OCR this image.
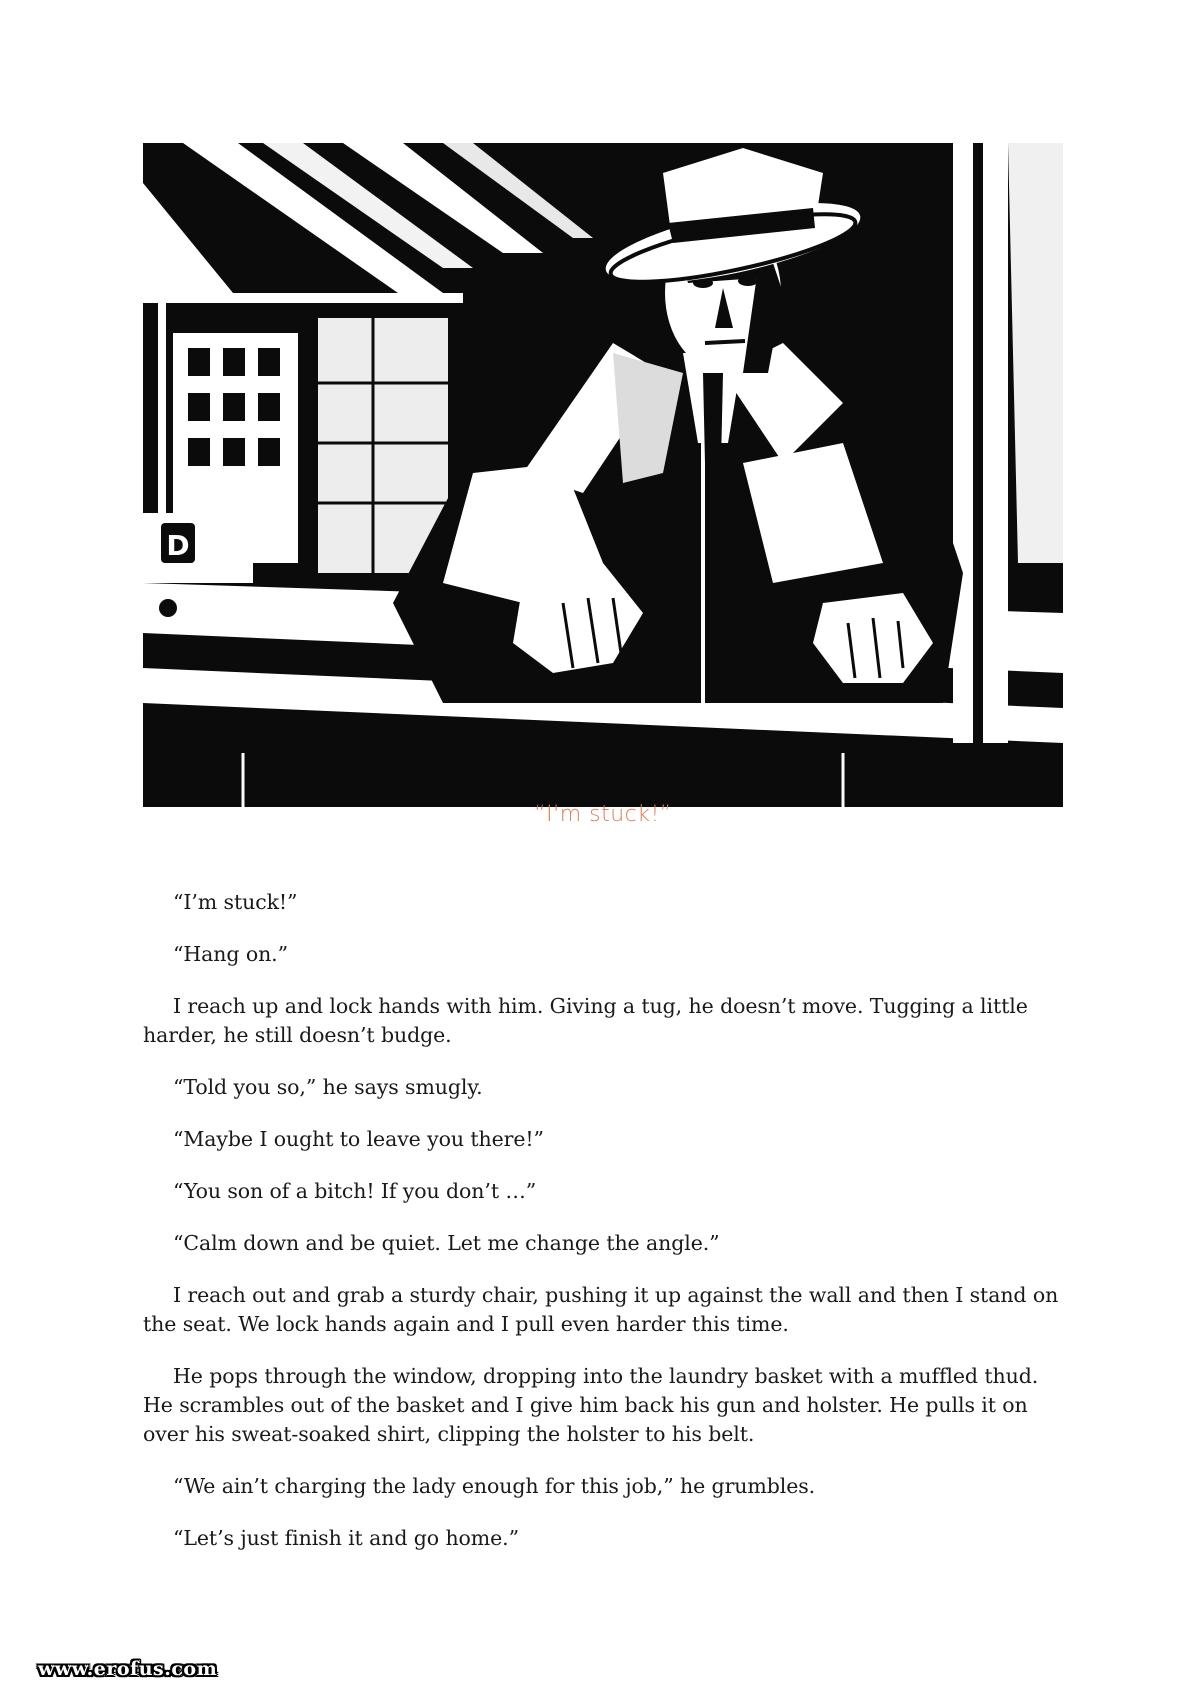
D
“I'm stuck!”

“I’m stuck!”

“Hang on.”

I reach up and lock hands with him. Giving a tug, he doesn’t move. Tugging a little harder, he still doesn’t budge.

“Told you so,” he says smugly.

“Maybe I ought to leave you there!”

“You son of a bitch! If you don’t …”

“Calm down and be quiet. Let me change the angle.”

I reach out and grab a sturdy chair, pushing it up against the wall and then I stand on the seat. We lock hands again and I pull even harder this time.

He pops through the window, dropping into the laundry basket with a muffled thud. He scrambles out of the basket and I give him back his gun and holster. He pulls it on over his sweat-soaked shirt, clipping the holster to his belt.

“We ain’t charging the lady enough for this job,” he grumbles.

“Let’s just finish it and go home.”

www.erofus.com
